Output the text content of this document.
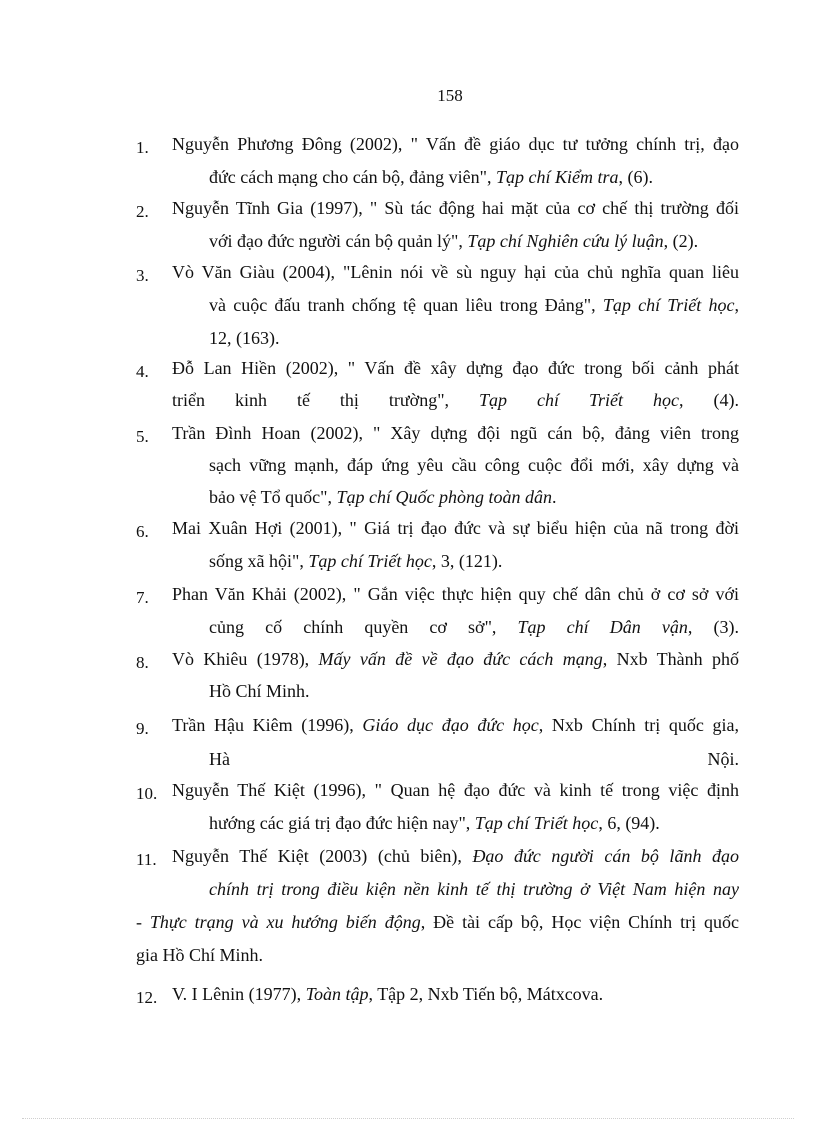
158
1. Nguyễn Phương Đông (2002), " Vấn đề giáo dục tư tưởng chính trị, đạo
đức cách mạng cho cán bộ, đảng viên", Tạp chí Kiểm tra, (6).
2. Nguyễn Tĩnh Gia (1997), " Sù tác động hai mặt của cơ chế thị trường đối
với đạo đức người cán bộ quản lý", Tạp chí Nghiên cứu lý luận, (2).
3. Vò Văn Giàu (2004), "Lênin nói về sù nguy hại của chủ nghĩa quan liêu
và cuộc đấu tranh chống tệ quan liêu trong Đảng", Tạp chí Triết học,
12, (163).
4. Đỗ Lan Hiền (2002), " Vấn đề xây dựng đạo đức trong bối cảnh phát
triển kinh tế thị trường", Tạp chí Triết học, (4).
5. Trần Đình Hoan (2002), " Xây dựng đội ngũ cán bộ, đảng viên trong
sạch vững mạnh, đáp ứng yêu cầu công cuộc đổi mới, xây dựng và
bảo vệ Tổ quốc", Tạp chí Quốc phòng toàn dân.
6. Mai Xuân Hợi (2001), " Giá trị đạo đức và sự biểu hiện của nã trong đời
sống xã hội", Tạp chí Triết học, 3, (121).
7. Phan Văn Khải (2002), " Gắn việc thực hiện quy chế dân chủ ở cơ sở với
củng cố chính quyền cơ sở", Tạp chí Dân vận, (3).
8. Vò Khiêu (1978), Mấy vấn đề về đạo đức cách mạng, Nxb Thành phố
Hồ Chí Minh.
9. Trần Hậu Kiêm (1996), Giáo dục đạo đức học, Nxb Chính trị quốc gia,
Hà Nội.
10. Nguyễn Thế Kiệt (1996), " Quan hệ đạo đức và kinh tế trong việc định
hướng các giá trị đạo đức hiện nay", Tạp chí Triết học, 6, (94).
11. Nguyễn Thế Kiệt (2003) (chủ biên), Đạo đức người cán bộ lãnh đạo
chính trị trong điều kiện nền kinh tế thị trường ở Việt Nam hiện nay
- Thực trạng và xu hướng biến động, Đề tài cấp bộ, Học viện Chính trị quốc
gia Hồ Chí Minh.
12. V. I Lênin (1977), Toàn tập, Tập 2, Nxb Tiến bộ, Mátxcova.
